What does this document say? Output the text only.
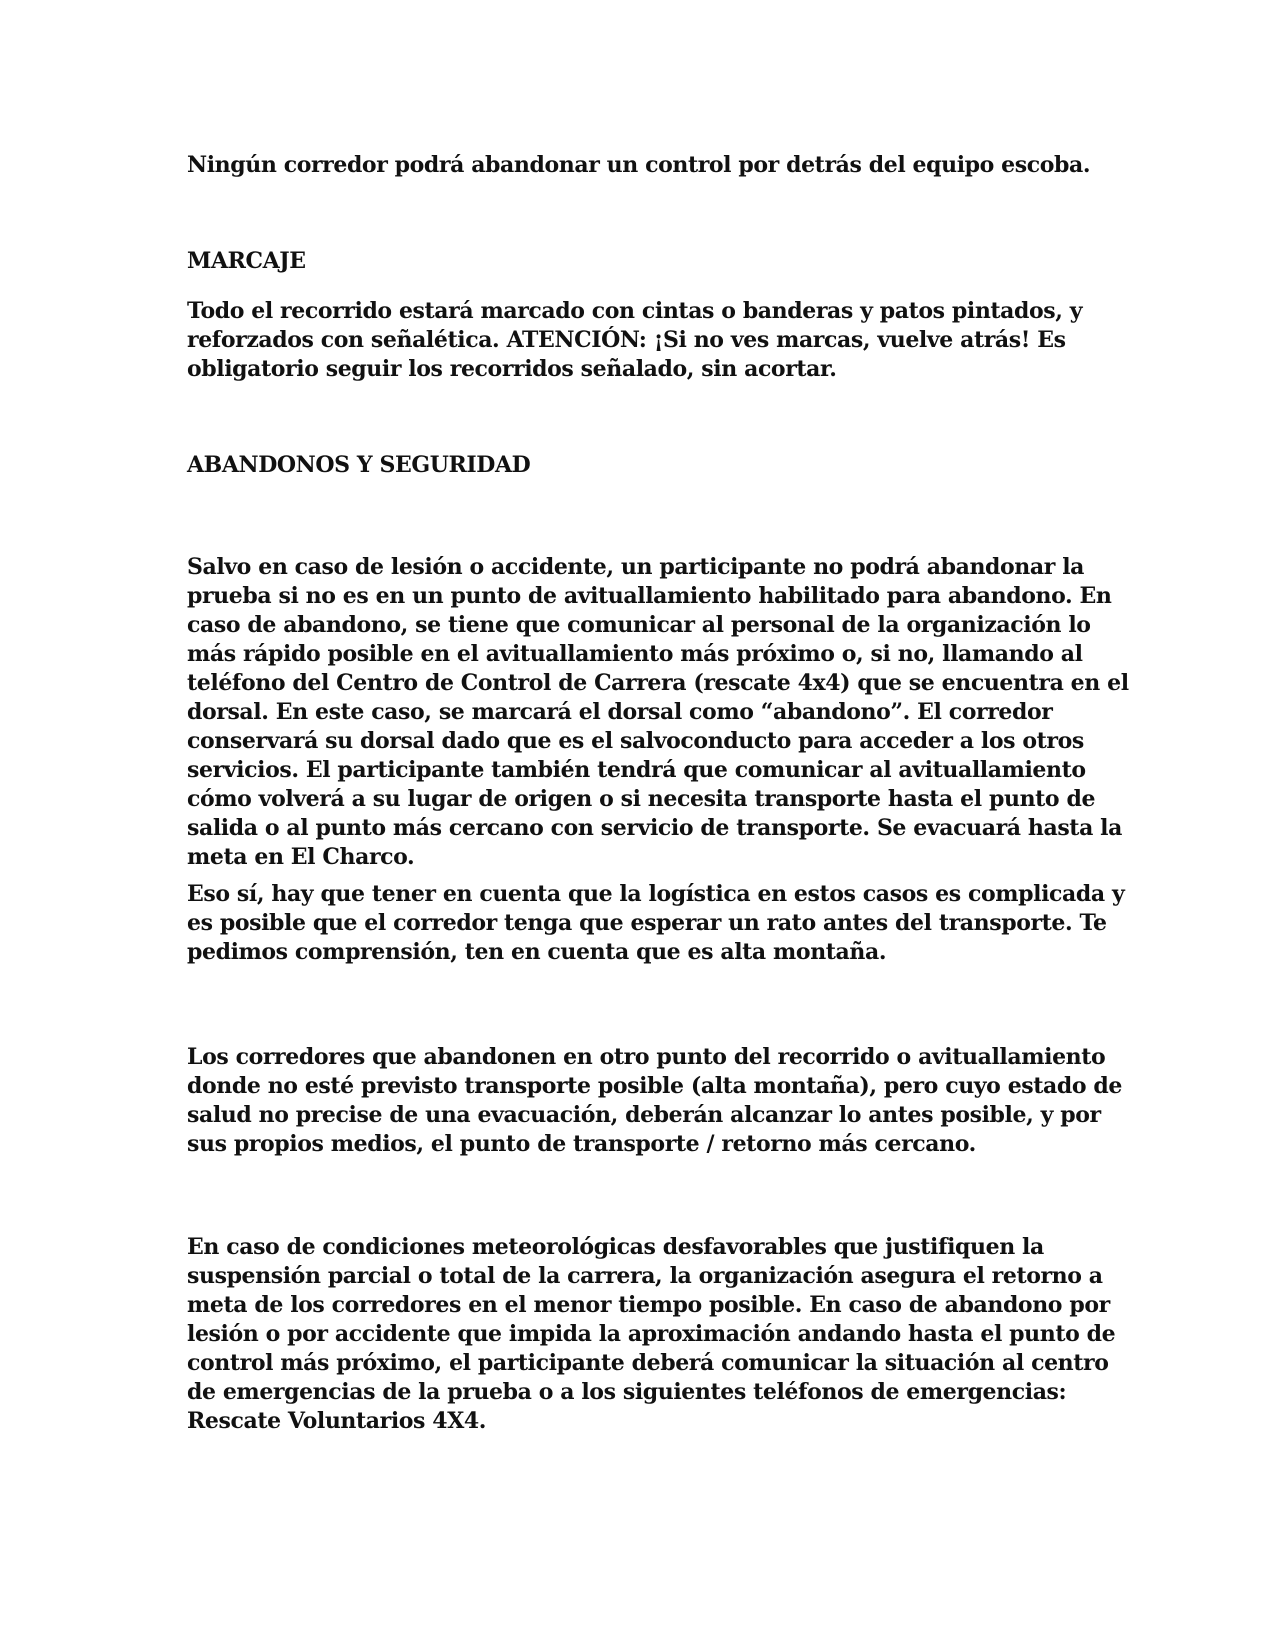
Ningún corredor podrá abandonar un control por detrás del equipo escoba.
MARCAJE
Todo el recorrido estará marcado con cintas o banderas y patos pintados, y
reforzados con señalética. ATENCIÓN: ¡Si no ves marcas, vuelve atrás! Es
obligatorio seguir los recorridos señalado, sin acortar.
ABANDONOS Y SEGURIDAD
Salvo en caso de lesión o accidente, un participante no podrá abandonar la
prueba si no es en un punto de avituallamiento habilitado para abandono. En
caso de abandono, se tiene que comunicar al personal de la organización lo
más rápido posible en el avituallamiento más próximo o, si no, llamando al
teléfono del Centro de Control de Carrera (rescate 4x4) que se encuentra en el
dorsal. En este caso, se marcará el dorsal como “abandono”. El corredor
conservará su dorsal dado que es el salvoconducto para acceder a los otros
servicios. El participante también tendrá que comunicar al avituallamiento
cómo volverá a su lugar de origen o si necesita transporte hasta el punto de
salida o al punto más cercano con servicio de transporte. Se evacuará hasta la
meta en El Charco.
Eso sí, hay que tener en cuenta que la logística en estos casos es complicada y
es posible que el corredor tenga que esperar un rato antes del transporte. Te
pedimos comprensión, ten en cuenta que es alta montaña.
Los corredores que abandonen en otro punto del recorrido o avituallamiento
donde no esté previsto transporte posible (alta montaña), pero cuyo estado de
salud no precise de una evacuación, deberán alcanzar lo antes posible, y por
sus propios medios, el punto de transporte / retorno más cercano.
En caso de condiciones meteorológicas desfavorables que justifiquen la
suspensión parcial o total de la carrera, la organización asegura el retorno a
meta de los corredores en el menor tiempo posible. En caso de abandono por
lesión o por accidente que impida la aproximación andando hasta el punto de
control más próximo, el participante deberá comunicar la situación al centro
de emergencias de la prueba o a los siguientes teléfonos de emergencias:
Rescate Voluntarios 4X4.
